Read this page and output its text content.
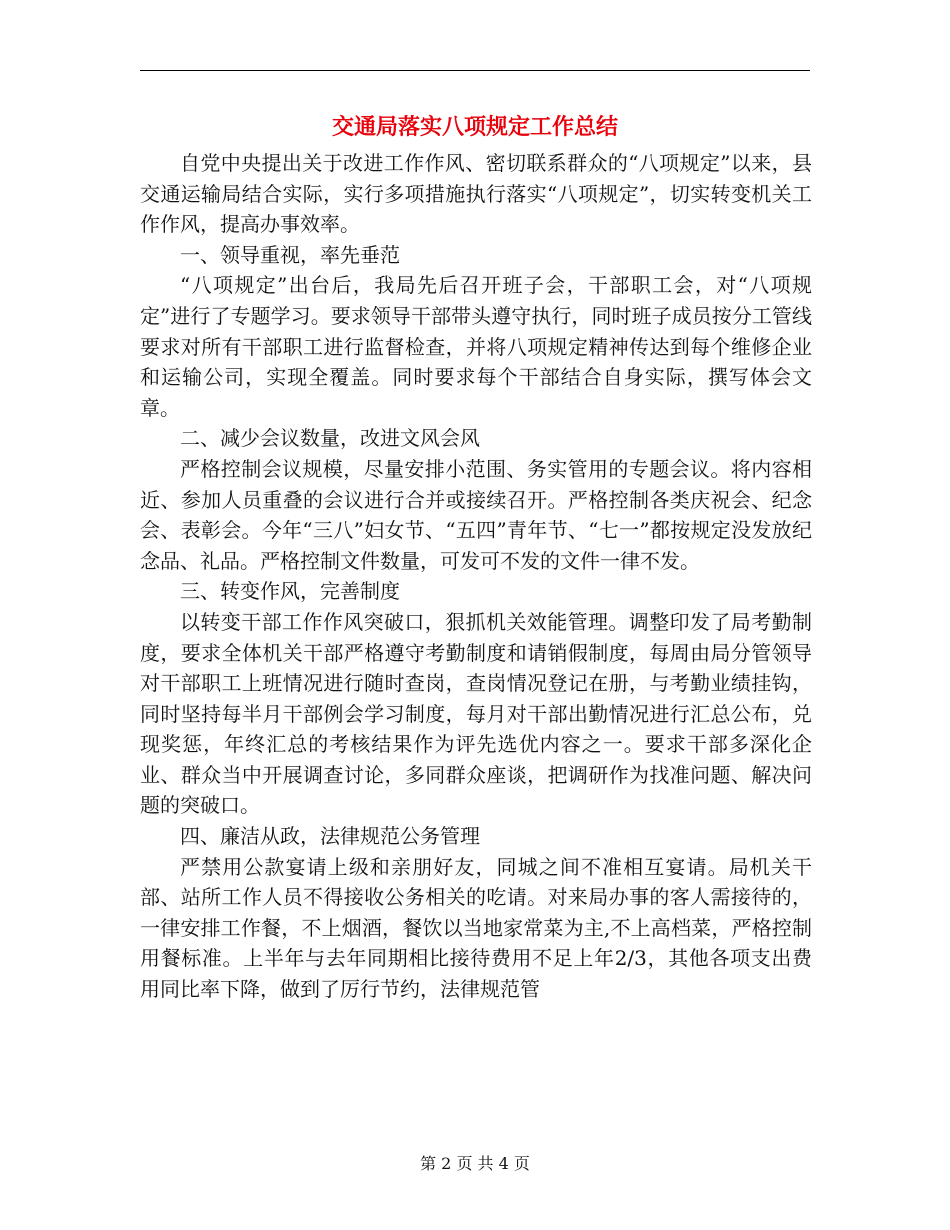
交通局落实八项规定工作总结

自党中央提出关于改进工作作风、密切联系群众的“八项规定”以来，县交通运输局结合实际，实行多项措施执行落实“八项规定”，切实转变机关工作作风，提高办事效率。

一、领导重视，率先垂范

“八项规定”出台后，我局先后召开班子会，干部职工会，对“八项规定”进行了专题学习。要求领导干部带头遵守执行，同时班子成员按分工管线要求对所有干部职工进行监督检查，并将八项规定精神传达到每个维修企业和运输公司，实现全覆盖。同时要求每个干部结合自身实际，撰写体会文章。

二、减少会议数量，改进文风会风

严格控制会议规模，尽量安排小范围、务实管用的专题会议。将内容相近、参加人员重叠的会议进行合并或接续召开。严格控制各类庆祝会、纪念会、表彰会。今年“三八”妇女节、“五四”青年节、“七一”都按规定没发放纪念品、礼品。严格控制文件数量，可发可不发的文件一律不发。

三、转变作风，完善制度

以转变干部工作作风突破口，狠抓机关效能管理。调整印发了局考勤制度，要求全体机关干部严格遵守考勤制度和请销假制度，每周由局分管领导对干部职工上班情况进行随时查岗，查岗情况登记在册，与考勤业绩挂钩，同时坚持每半月干部例会学习制度，每月对干部出勤情况进行汇总公布，兑现奖惩，年终汇总的考核结果作为评先选优内容之一。要求干部多深化企业、群众当中开展调查讨论，多同群众座谈，把调研作为找准问题、解决问题的突破口。

四、廉洁从政，法律规范公务管理

严禁用公款宴请上级和亲朋好友，同城之间不准相互宴请。局机关干部、站所工作人员不得接收公务相关的吃请。对来局办事的客人需接待的，一律安排工作餐，不上烟酒，餐饮以当地家常菜为主,不上高档菜，严格控制用餐标准。上半年与去年同期相比接待费用不足上年2/3，其他各项支出费用同比率下降，做到了厉行节约，法律规范管

第 2 页 共 4 页
